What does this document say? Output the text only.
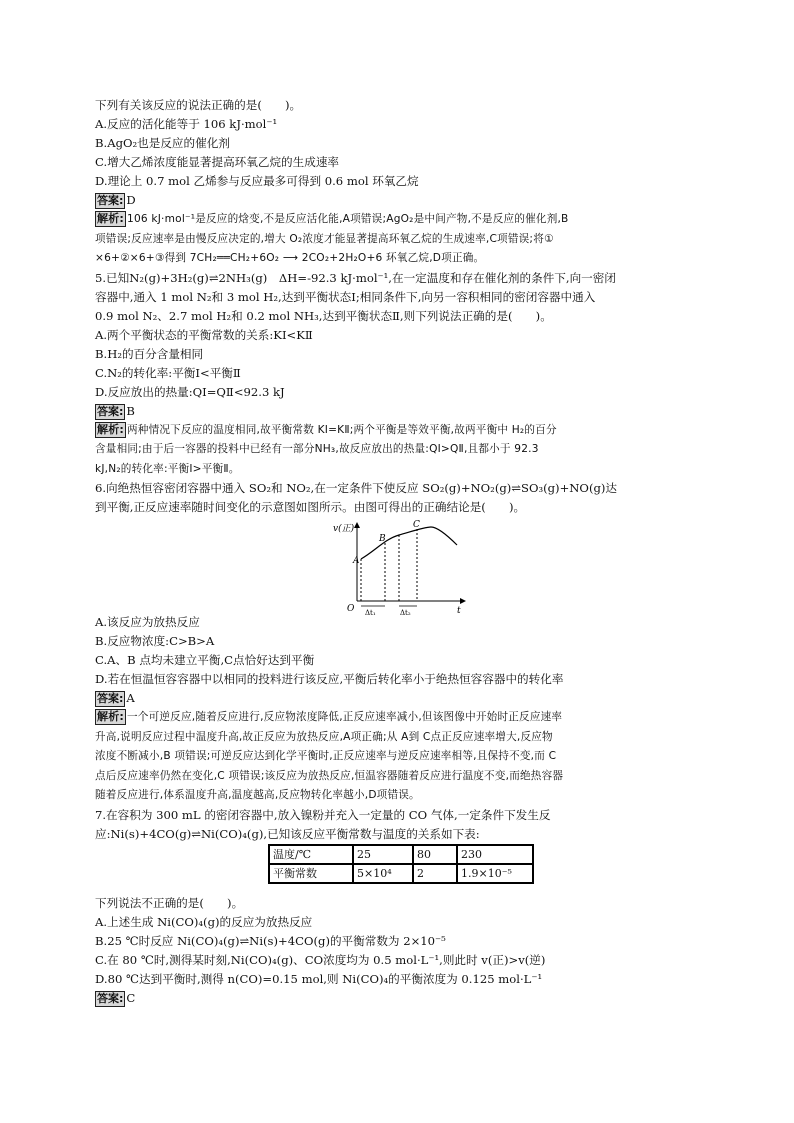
下列有关该反应的说法正确的是(　　)。
A.反应的活化能等于 106 kJ·mol⁻¹
B.AgO₂也是反应的催化剂
C.增大乙烯浓度能显著提高环氧乙烷的生成速率
D.理论上 0.7 mol 乙烯参与反应最多可得到 0.6 mol 环氧乙烷
答案: D
解析: 106 kJ·mol⁻¹是反应的焓变,不是反应活化能,A项错误;AgO₂是中间产物,不是反应的催化剂,B
项错误;反应速率是由慢反应决定的,增大 O₂浓度才能显著提高环氧乙烷的生成速率,C项错误;将①
×6+②×6+③得到 7CH₂══CH₂+6O₂ ⟶ 2CO₂+2H₂O+6 环氧乙烷,D项正确。
5.已知N₂(g)+3H₂(g)⇌2NH₃(g)　ΔH=-92.3 kJ·mol⁻¹,在一定温度和存在催化剂的条件下,向一密闭
容器中,通入 1 mol N₂和 3 mol H₂,达到平衡状态Ⅰ;相同条件下,向另一容积相同的密闭容器中通入
0.9 mol N₂、2.7 mol H₂和 0.2 mol NH₃,达到平衡状态Ⅱ,则下列说法正确的是(　　)。
A.两个平衡状态的平衡常数的关系:KⅠ<KⅡ
B.H₂的百分含量相同
C.N₂的转化率:平衡Ⅰ<平衡Ⅱ
D.反应放出的热量:QⅠ=QⅡ<92.3 kJ
答案: B
解析: 两种情况下反应的温度相同,故平衡常数 KⅠ=KⅡ;两个平衡是等效平衡,故两平衡中 H₂的百分
含量相同;由于后一容器的投料中已经有一部分NH₃,故反应放出的热量:QⅠ>QⅡ,且都小于 92.3
kJ,N₂的转化率:平衡Ⅰ>平衡Ⅱ。
6.向绝热恒容密闭容器中通入 SO₂和 NO₂,在一定条件下使反应 SO₂(g)+NO₂(g)⇌SO₃(g)+NO(g)达
到平衡,正反应速率随时间变化的示意图如图所示。由图可得出的正确结论是(　　)。
v(正)
t
O
A
B
C
Δt₁	Δt₂
A.该反应为放热反应
B.反应物浓度:C>B>A
C.A、B 点均未建立平衡,C点恰好达到平衡
D.若在恒温恒容容器中以相同的投料进行该反应,平衡后转化率小于绝热恒容容器中的转化率
答案: A
解析: 一个可逆反应,随着反应进行,反应物浓度降低,正反应速率减小,但该图像中开始时正反应速率
升高,说明反应过程中温度升高,故正反应为放热反应,A项正确;从 A到 C点正反应速率增大,反应物
浓度不断减小,B 项错误;可逆反应达到化学平衡时,正反应速率与逆反应速率相等,且保持不变,而 C
点后反应速率仍然在变化,C 项错误;该反应为放热反应,恒温容器随着反应进行温度不变,而绝热容器
随着反应进行,体系温度升高,温度越高,反应物转化率越小,D项错误。
7.在容积为 300 mL 的密闭容器中,放入镍粉并充入一定量的 CO 气体,一定条件下发生反
应:Ni(s)+4CO(g)⇌Ni(CO)₄(g),已知该反应平衡常数与温度的关系如下表:
温度/℃	25	80	230
平衡常数	5×10⁴	2	1.9×10⁻⁵
下列说法不正确的是(　　)。
A.上述生成 Ni(CO)₄(g)的反应为放热反应
B.25 ℃时反应 Ni(CO)₄(g)⇌Ni(s)+4CO(g)的平衡常数为 2×10⁻⁵
C.在 80 ℃时,测得某时刻,Ni(CO)₄(g)、CO浓度均为 0.5 mol·L⁻¹,则此时 v(正)>v(逆)
D.80 ℃达到平衡时,测得 n(CO)=0.15 mol,则 Ni(CO)₄的平衡浓度为 0.125 mol·L⁻¹
答案: C
